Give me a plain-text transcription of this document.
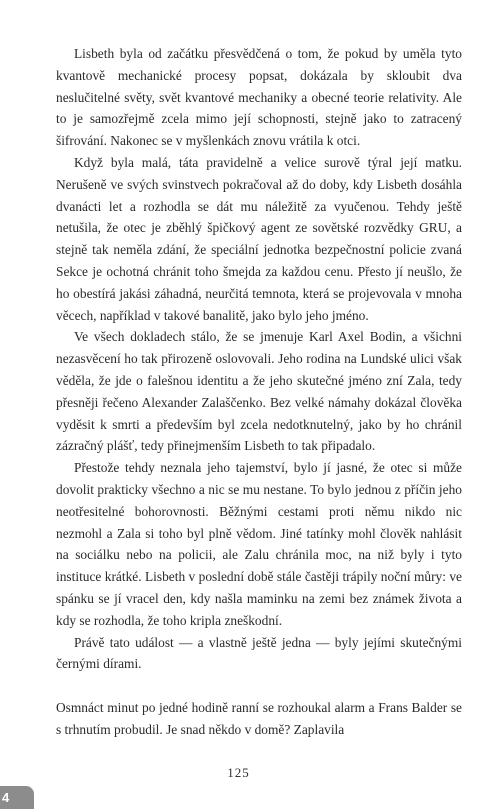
Lisbeth byla od začátku přesvědčená o tom, že pokud by uměla tyto kvantově mechanické procesy popsat, dokázala by skloubit dva neslučitelné světy, svět kvantové mechaniky a obecné teorie relativity. Ale to je samozřejmě zcela mimo její schopnosti, stejně jako to zatracený šifrování. Nakonec se v myšlenkách znovu vrátila k otci.

Když byla malá, táta pravidelně a velice surově týral její matku. Nerušeně ve svých svinstvech pokračoval až do doby, kdy Lisbeth dosáhla dvanácti let a rozhodla se dát mu náležitě za vyučenou. Tehdy ještě netušila, že otec je zběhlý špičkový agent ze sovětské rozvědky GRU, a stejně tak neměla zdání, že speciální jednotka bezpečnostní policie zvaná Sekce je ochotná chránit toho šmejda za každou cenu. Přesto jí neušlo, že ho obestírá jakási záhadná, neurčitá temnota, která se projevovala v mnoha věcech, například v takové banalitě, jako bylo jeho jméno.

Ve všech dokladech stálo, že se jmenuje Karl Axel Bodin, a všichni nezasvěcení ho tak přirozeně oslovovali. Jeho rodina na Lundské ulici však věděla, že jde o falešnou identitu a že jeho skutečné jméno zní Zala, tedy přesněji řečeno Alexander Zalaščenko. Bez velké námahy dokázal člověka vyděsit k smrti a především byl zcela nedotknutelný, jako by ho chránil zázračný plášť, tedy přinejmenším Lisbeth to tak připadalo.

Přestože tehdy neznala jeho tajemství, bylo jí jasné, že otec si může dovolit prakticky všechno a nic se mu nestane. To bylo jednou z příčin jeho neotřesitelné bohorovnosti. Běžnými cestami proti němu nikdo nic nezmohl a Zala si toho byl plně vědom. Jiné tatínky mohl člověk nahlásit na sociálku nebo na policii, ale Zalu chránila moc, na niž byly i tyto instituce krátké. Lisbeth v poslední době stále častěji trápily noční můry: ve spánku se jí vracel den, kdy našla maminku na zemi bez známek života a kdy se rozhodla, že toho kripla zneškodní.

Právě tato událost — a vlastně ještě jedna — byly jejími skutečnými černými dírami.

Osmnáct minut po jedné hodině ranní se rozhoukal alarm a Frans Balder se s trhnutím probudil. Je snad někdo v domě? Zaplavila

125
4
